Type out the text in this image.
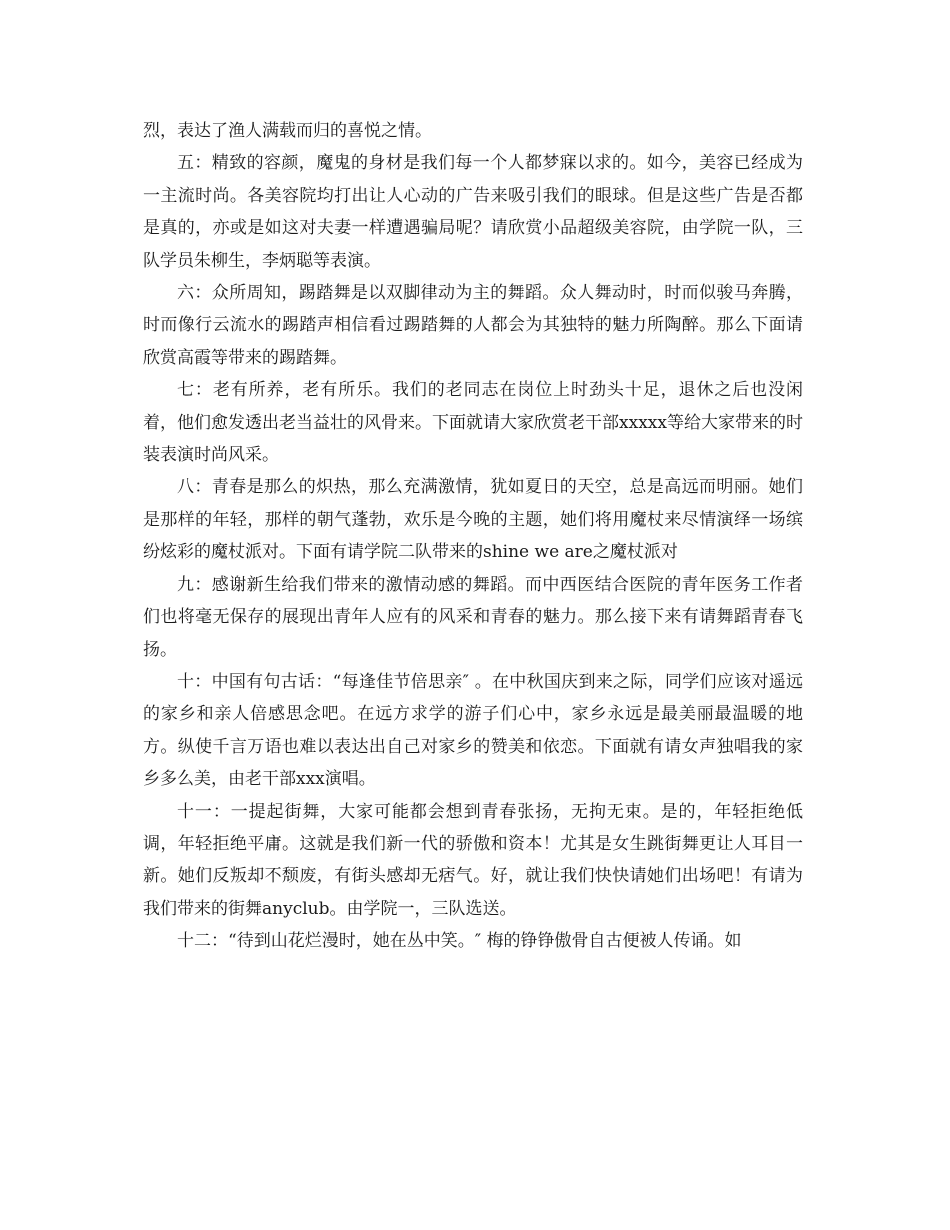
烈，表达了渔人满载而归的喜悦之情。

五：精致的容颜，魔鬼的身材是我们每一个人都梦寐以求的。如今，美容已经成为一主流时尚。各美容院均打出让人心动的广告来吸引我们的眼球。但是这些广告是否都是真的，亦或是如这对夫妻一样遭遇骗局呢？请欣赏小品超级美容院，由学院一队，三队学员朱柳生，李炳聪等表演。

六：众所周知，踢踏舞是以双脚律动为主的舞蹈。众人舞动时，时而似骏马奔腾，时而像行云流水的踢踏声相信看过踢踏舞的人都会为其独特的魅力所陶醉。那么下面请欣赏高霞等带来的踢踏舞。

七：老有所养，老有所乐。我们的老同志在岗位上时劲头十足，退休之后也没闲着，他们愈发透出老当益壮的风骨来。下面就请大家欣赏老干部xxxxx等给大家带来的时装表演时尚风采。

八：青春是那么的炽热，那么充满激情，犹如夏日的天空，总是高远而明丽。她们是那样的年轻，那样的朝气蓬勃，欢乐是今晚的主题，她们将用魔杖来尽情演绎一场缤纷炫彩的魔杖派对。下面有请学院二队带来的shine we are之魔杖派对

九：感谢新生给我们带来的激情动感的舞蹈。而中西医结合医院的青年医务工作者们也将毫无保存的展现出青年人应有的风采和青春的魅力。那么接下来有请舞蹈青春飞扬。

十：中国有句古话：“每逢佳节倍思亲″ 。在中秋国庆到来之际，同学们应该对遥远的家乡和亲人倍感思念吧。在远方求学的游子们心中，家乡永远是最美丽最温暖的地方。纵使千言万语也难以表达出自己对家乡的赞美和依恋。下面就有请女声独唱我的家乡多么美，由老干部xxx演唱。

十一：一提起街舞，大家可能都会想到青春张扬，无拘无束。是的，年轻拒绝低调，年轻拒绝平庸。这就是我们新一代的骄傲和资本！尤其是女生跳街舞更让人耳目一新。她们反叛却不颓废，有街头感却无痞气。好，就让我们快快请她们出场吧！有请为我们带来的街舞anyclub。由学院一，三队选送。

十二：“待到山花烂漫时，她在丛中笑。″ 梅的铮铮傲骨自古便被人传诵。如
